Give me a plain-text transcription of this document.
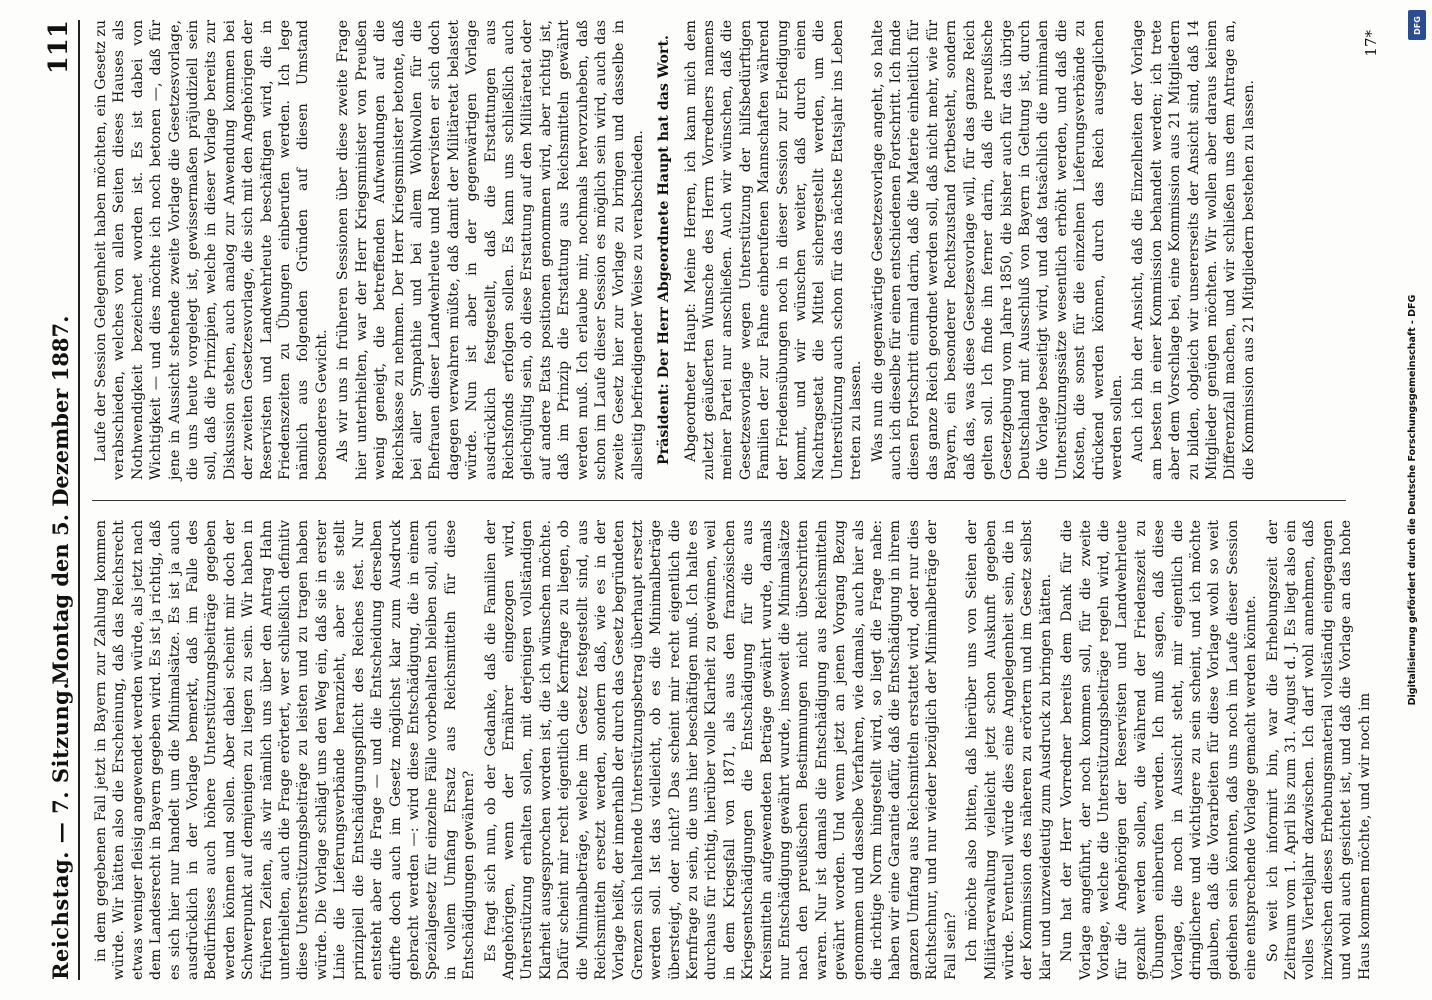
Reichstag. — 7. Sitzung.
Montag den 5. Dezember 1887.
111

in dem gegebenen Fall jetzt in Bayern zur Zahlung kommen würde. Wir hätten also die Erscheinung, daß das Reichsrecht etwas weniger fleisig angewendet werden würde, als jetzt nach dem Landesrecht in Bayern gegeben wird. Es ist ja richtig, daß es sich hier nur handelt um die Minimalsätze. Es ist ja auch ausdrücklich in der Vorlage bemerkt, daß im Falle des Bedürfnisses auch höhere Unterstützungsbeiträge gegeben werden können und sollen. Aber dabei scheint mir doch der Schwerpunkt auf demjenigen zu liegen zu sein. Wir haben in früheren Zeiten, als wir nämlich uns über den Antrag Hahn unterhielten, auch die Frage erörtert, wer schließlich definitiv diese Unterstützungsbeiträge zu leisten und zu tragen haben würde. Die Vorlage schlägt uns den Weg ein, daß sie in erster Linie die Lieferungsverbände heranzieht, aber sie stellt prinzipiell die Entschädigungspflicht des Reiches fest. Nur entsteht aber die Frage — und die Entscheidung derselben dürfte doch auch im Gesetz möglichst klar zum Ausdruck gebracht werden —: wird diese Entschädigung, die in einem Spezialgesetz für einzelne Fälle vorbehalten bleiben soll, auch in vollem Umfang Ersatz aus Reichsmitteln für diese Entschädigungen gewähren? Es fragt sich nun, ob der Gedanke, daß die Familien der Angehörigen, wenn der Ernährer eingezogen wird, Unterstützung erhalten sollen, mit derjenigen vollständigen Klarheit ausgesprochen worden ist, die ich wünschen möchte. Dafür scheint mir recht eigentlich die Kernfrage zu liegen, ob die Minimalbeträge, welche im Gesetz festgestellt sind, aus Reichsmitteln ersetzt werden, sondern daß, wie es in der Vorlage heißt, der innerhalb der durch das Gesetz begründeten Grenzen sich haltende Unterstützungsbetrag überhaupt ersetzt werden soll. Ist das vielleicht, ob es die Minimalbeträge übersteigt, oder nicht? Das scheint mir recht eigentlich die Kernfrage zu sein, die uns hier beschäftigen muß. Ich halte es durchaus für richtig, hierüber volle Klarheit zu gewinnen, weil in dem Kriegsfall von 1871, als aus den französischen Kriegsentschädigungen die Entschädigung für die aus Kreismitteln aufgewendeten Beträge gewährt wurde, damals nur Entschädigung gewährt wurde, insoweit die Minimalsätze nach den preußischen Bestimmungen nicht überschritten waren. Nur ist damals die Entschädigung aus Reichsmitteln gewährt worden. Und wenn jetzt an jenen Vorgang Bezug genommen und dasselbe Verfahren, wie damals, auch hier als die richtige Norm hingestellt wird, so liegt die Frage nahe: haben wir eine Garantie dafür, daß die Entschädigung in ihrem ganzen Umfang aus Reichsmitteln erstattet wird, oder nur dies Richtschnur, und nur wieder bezüglich der Minimalbeträge der Fall sein? Ich möchte also bitten, daß hierüber uns von Seiten der Militärverwaltung vielleicht jetzt schon Auskunft gegeben würde. Eventuell würde dies eine Angelegenheit sein, die in der Kommission des näheren zu erörtern und im Gesetz selbst klar und unzweideutig zum Ausdruck zu bringen hätten. Nun hat der Herr Vorredner bereits dem Dank für die Vorlage angeführt, der noch kommen soll, für die zweite Vorlage, welche die Unterstützungsbeiträge regeln wird, die für die Angehörigen der Reservisten und Landwehrleute gezahlt werden sollen, die während der Friedenszeit zu Übungen einberufen werden. Ich muß sagen, daß diese Vorlage, die noch in Aussicht steht, mir eigentlich die dringlichere und wichtigere zu sein scheint, und ich möchte glauben, daß die Vorarbeiten für diese Vorlage wohl so weit gediehen sein könnten, daß uns noch im Laufe dieser Session eine entsprechende Vorlage gemacht werden könnte. So weit ich informirt bin, war die Erhebungszeit der Zeitraum vom 1. April bis zum 31. August d. J. Es liegt also ein volles Vierteljahr dazwischen. Ich darf wohl annehmen, daß inzwischen dieses Erhebungsmaterial vollständig eingegangen und wohl auch gesichtet ist, und daß die Vorlage an das hohe Haus kommen möchte, und wir noch im

Laufe der Session Gelegenheit haben möchten, ein Gesetz zu verabschieden, welches von allen Seiten dieses Hauses als Nothwendigkeit bezeichnet worden ist. Es ist dabei von Wichtigkeit — und dies möchte ich noch betonen —, daß für jene in Aussicht stehende zweite Vorlage die Gesetzesvorlage, die uns heute vorgelegt ist, gewissermaßen präjudiziell sein soll, daß die Prinzipien, welche in dieser Vorlage bereits zur Diskussion stehen, auch analog zur Anwendung kommen bei der zweiten Gesetzesvorlage, die sich mit den Angehörigen der Reservisten und Landwehrleute beschäftigen wird, die in Friedenszeiten zu Übungen einberufen werden. Ich lege nämlich aus folgenden Gründen auf diesen Umstand besonderes Gewicht. Als wir uns in früheren Sessionen über diese zweite Frage hier unterhielten, war der Herr Kriegsminister von Preußen wenig geneigt, die betreffenden Aufwendungen auf die Reichskasse zu nehmen. Der Herr Kriegsminister betonte, daß bei aller Sympathie und bei allem Wohlwollen für die Ehefrauen dieser Landwehrleute und Reservisten er sich doch dagegen verwahren müßte, daß damit der Militäretat belastet würde. Nun ist aber in der gegenwärtigen Vorlage ausdrücklich festgestellt, daß die Erstattungen aus Reichsfonds erfolgen sollen. Es kann uns schließlich auch gleichgültig sein, ob diese Erstattung auf den Militäretat oder auf andere Etats positionen genommen wird, aber richtig ist, daß im Prinzip die Erstattung aus Reichsmitteln gewährt werden muß. Ich erlaube mir, nochmals hervorzuheben, daß schon im Laufe dieser Session es möglich sein wird, auch das zweite Gesetz hier zur Vorlage zu bringen und dasselbe in allseitig befriedigender Weise zu verabschieden. Präsident: Der Herr Abgeordnete Haupt hat das Wort. Abgeordneter Haupt: Meine Herren, ich kann mich dem zuletzt geäußerten Wunsche des Herrn Vorredners namens meiner Partei nur anschließen. Auch wir wünschen, daß die Gesetzesvorlage wegen Unterstützung der hilfsbedürftigen Familien der zur Fahne einberufenen Mannschaften während der Friedensübungen noch in dieser Session zur Erledigung kommt, und wir wünschen weiter, daß durch einen Nachtragsetat die Mittel sichergestellt werden, um die Unterstützung auch schon für das nächste Etatsjahr ins Leben treten zu lassen. Was nun die gegenwärtige Gesetzesvorlage angeht, so halte auch ich dieselbe für einen entschiedenen Fortschritt. Ich finde diesen Fortschritt einmal darin, daß die Materie einheitlich für das ganze Reich geordnet werden soll, daß nicht mehr, wie für Bayern, ein besonderer Rechtszustand fortbesteht, sondern daß das, was diese Gesetzesvorlage will, für das ganze Reich gelten soll. Ich finde ihn ferner darin, daß die preußische Gesetzgebung vom Jahre 1850, die bisher auch für das übrige Deutschland mit Ausschluß von Bayern in Geltung ist, durch die Vorlage beseitigt wird, und daß tatsächlich die minimalen Unterstützungssätze wesentlich erhöht werden, und daß die Kosten, die sonst für die einzelnen Lieferungsverbände zu drückend werden können, durch das Reich ausgeglichen werden sollen. Auch ich bin der Ansicht, daß die Einzelheiten der Vorlage am besten in einer Kommission behandelt werden; ich trete aber dem Vorschlage bei, eine Kommission aus 21 Mitgliedern zu bilden, obgleich wir unsererseits der Ansicht sind, daß 14 Mitglieder genügen möchten. Wir wollen aber daraus keinen Differenzfall machen, und wir schließen uns dem Antrage an, die Kommission aus 21 Mitgliedern bestehen zu lassen.

17*
Digitalisierung gefördert durch die Deutsche Forschungsgemeinschaft - DFG
DFG
